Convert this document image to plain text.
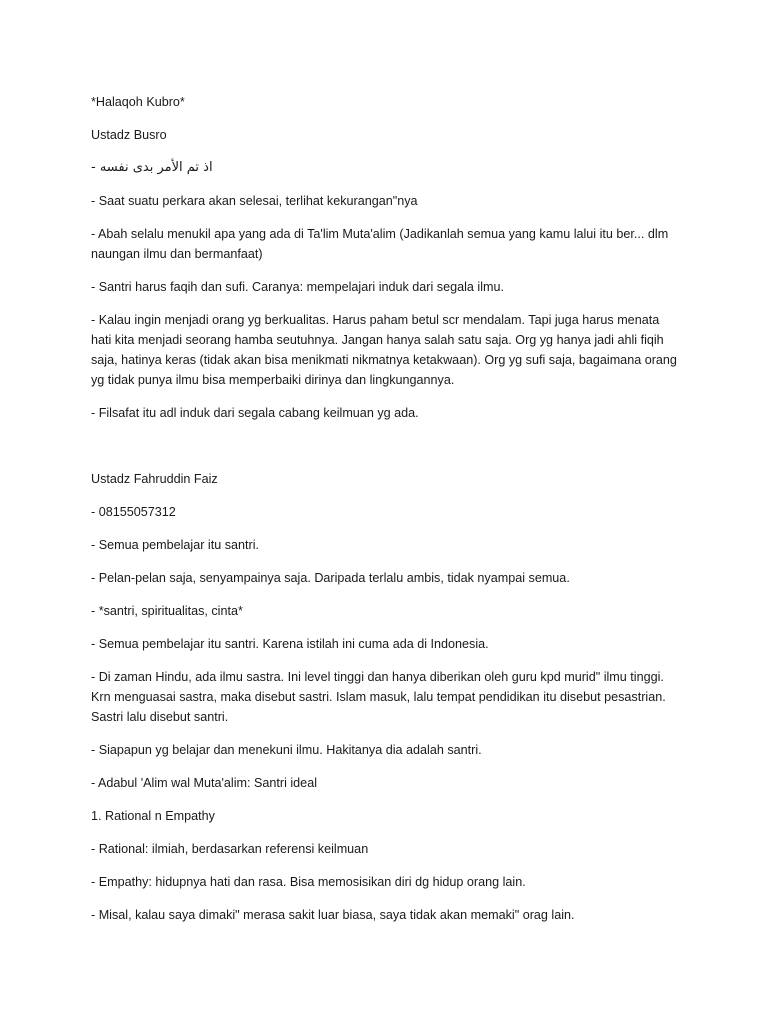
*Halaqoh Kubro*

Ustadz Busro

- اذ تم الأمر بدى نفسه

- Saat suatu perkara akan selesai, terlihat kekurangan"nya

- Abah selalu menukil apa yang ada di Ta'lim Muta'alim (Jadikanlah semua yang kamu lalui itu ber... dlm naungan ilmu dan bermanfaat)

- Santri harus faqih dan sufi. Caranya: mempelajari induk dari segala ilmu.

- Kalau ingin menjadi orang yg berkualitas. Harus paham betul scr mendalam. Tapi juga harus menata hati kita menjadi seorang hamba seutuhnya. Jangan hanya salah satu saja. Org yg hanya jadi ahli fiqih saja, hatinya keras (tidak akan bisa menikmati nikmatnya ketakwaan). Org yg sufi saja, bagaimana orang yg tidak punya ilmu bisa memperbaiki dirinya dan lingkungannya.

- Filsafat itu adl induk dari segala cabang keilmuan yg ada.

Ustadz Fahruddin Faiz

- 08155057312

- Semua pembelajar itu santri.

- Pelan-pelan saja, senyampainya saja. Daripada terlalu ambis, tidak nyampai semua.

- *santri, spiritualitas, cinta*

- Semua pembelajar itu santri. Karena istilah ini cuma ada di Indonesia.

- Di zaman Hindu, ada ilmu sastra. Ini level tinggi dan hanya diberikan oleh guru kpd murid" ilmu tinggi. Krn menguasai sastra, maka disebut sastri. Islam masuk, lalu tempat pendidikan itu disebut pesastrian. Sastri lalu disebut santri.

- Siapapun yg belajar dan menekuni ilmu. Hakitanya dia adalah santri.

- Adabul 'Alim wal Muta'alim: Santri ideal

1. Rational n Empathy

- Rational: ilmiah, berdasarkan referensi keilmuan

- Empathy: hidupnya hati dan rasa. Bisa memosisikan diri dg hidup orang lain.

- Misal, kalau saya dimaki" merasa sakit luar biasa, saya tidak akan memaki" orag lain.
